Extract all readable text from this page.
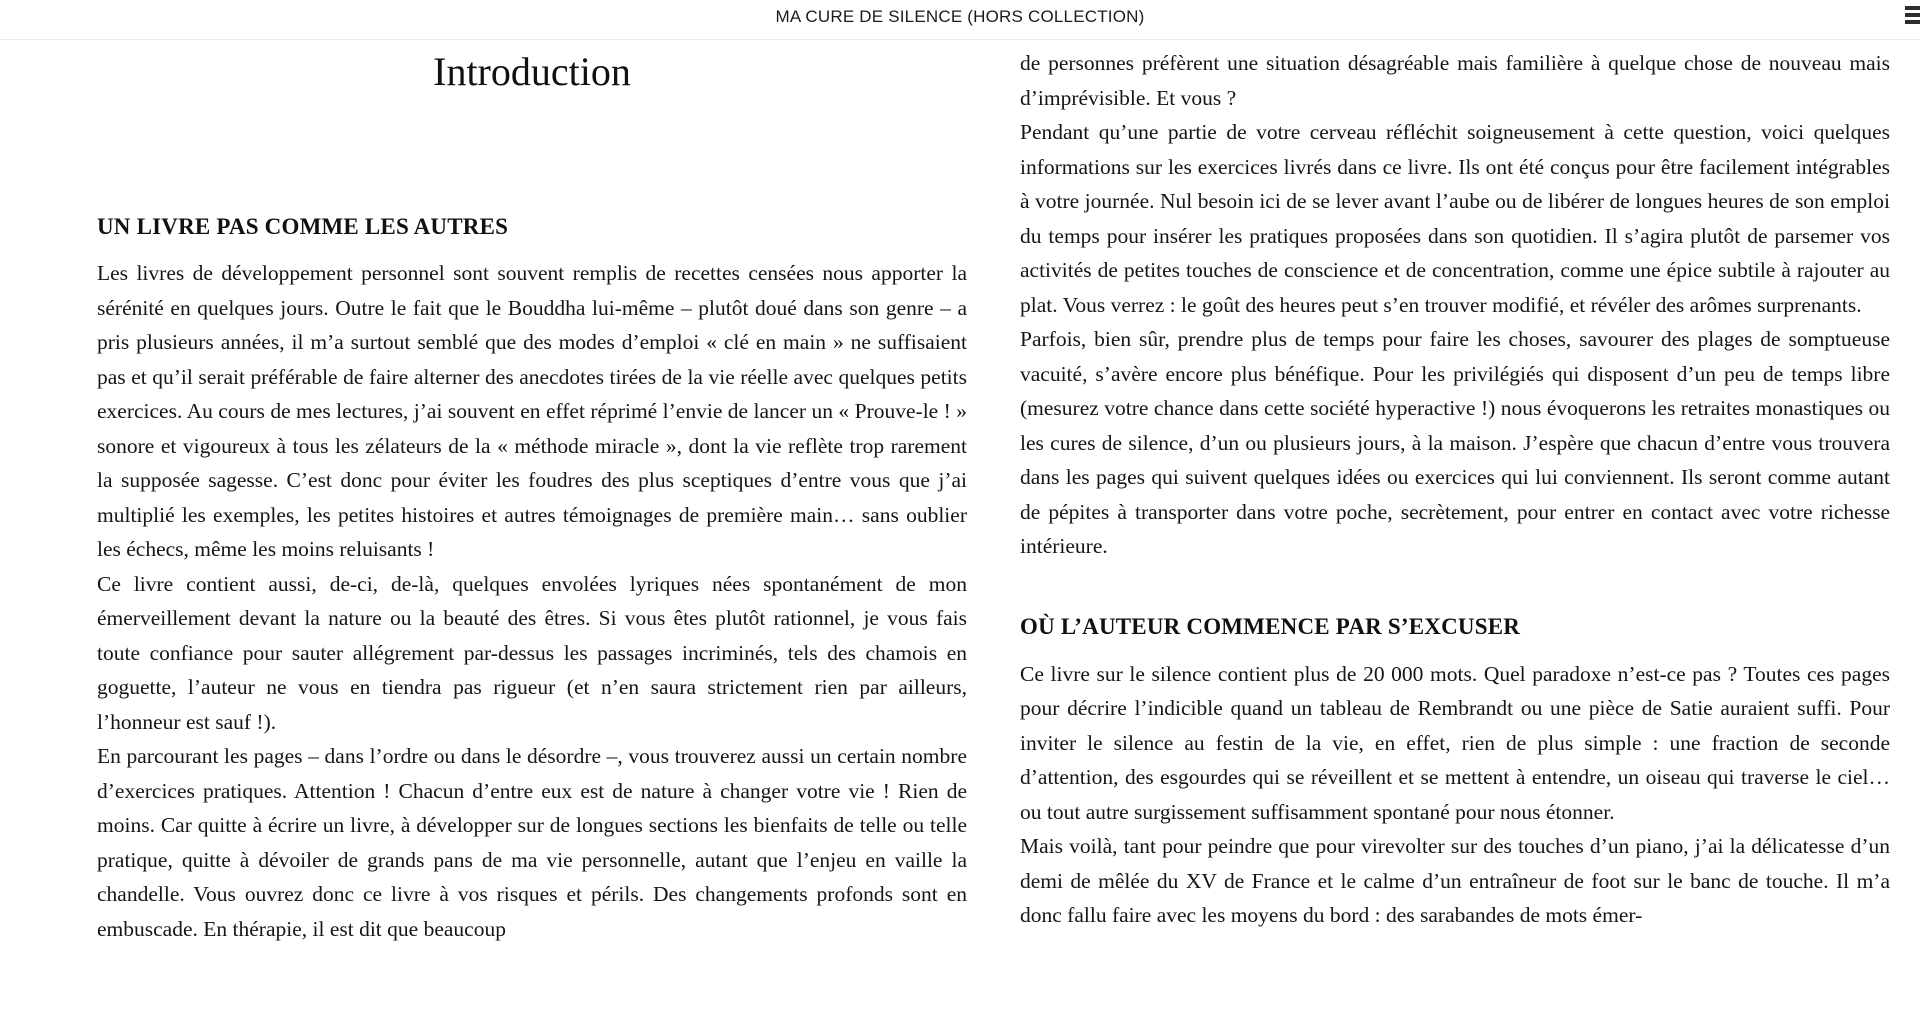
MA CURE DE SILENCE (HORS COLLECTION)
Introduction
UN LIVRE PAS COMME LES AUTRES

Les livres de développement personnel sont souvent remplis de recettes censées nous apporter la sérénité en quelques jours. Outre le fait que le Bouddha lui-même – plutôt doué dans son genre – a pris plusieurs années, il m’a surtout semblé que des modes d’emploi « clé en main » ne suffisaient pas et qu’il serait préférable de faire alterner des anecdotes tirées de la vie réelle avec quelques petits exercices. Au cours de mes lectures, j’ai souvent en effet réprimé l’envie de lancer un « Prouve-le ! » sonore et vigoureux à tous les zélateurs de la « méthode miracle », dont la vie reflète trop rarement la supposée sagesse. C’est donc pour éviter les foudres des plus sceptiques d’entre vous que j’ai multiplié les exemples, les petites histoires et autres témoignages de première main… sans oublier les échecs, même les moins reluisants !

Ce livre contient aussi, de-ci, de-là, quelques envolées lyriques nées spontanément de mon émerveillement devant la nature ou la beauté des êtres. Si vous êtes plutôt rationnel, je vous fais toute confiance pour sauter allégrement par-dessus les passages incriminés, tels des chamois en goguette, l’auteur ne vous en tiendra pas rigueur (et n’en saura strictement rien par ailleurs, l’honneur est sauf !).

En parcourant les pages – dans l’ordre ou dans le désordre –, vous trouverez aussi un certain nombre d’exercices pratiques. Attention ! Chacun d’entre eux est de nature à changer votre vie ! Rien de moins. Car quitte à écrire un livre, à développer sur de longues sections les bienfaits de telle ou telle pratique, quitte à dévoiler de grands pans de ma vie personnelle, autant que l’enjeu en vaille la chandelle. Vous ouvrez donc ce livre à vos risques et périls. Des changements profonds sont en embuscade. En thérapie, il est dit que beaucoup

de personnes préfèrent une situation désagréable mais familière à quelque chose de nouveau mais d’imprévisible. Et vous ?

Pendant qu’une partie de votre cerveau réfléchit soigneusement à cette question, voici quelques informations sur les exercices livrés dans ce livre. Ils ont été conçus pour être facilement intégrables à votre journée. Nul besoin ici de se lever avant l’aube ou de libérer de longues heures de son emploi du temps pour insérer les pratiques proposées dans son quotidien. Il s’agira plutôt de parsemer vos activités de petites touches de conscience et de concentration, comme une épice subtile à rajouter au plat. Vous verrez : le goût des heures peut s’en trouver modifié, et révéler des arômes surprenants.

Parfois, bien sûr, prendre plus de temps pour faire les choses, savourer des plages de somptueuse vacuité, s’avère encore plus bénéfique. Pour les privilégiés qui disposent d’un peu de temps libre (mesurez votre chance dans cette société hyperactive !) nous évoquerons les retraites monastiques ou les cures de silence, d’un ou plusieurs jours, à la maison. J’espère que chacun d’entre vous trouvera dans les pages qui suivent quelques idées ou exercices qui lui conviennent. Ils seront comme autant de pépites à transporter dans votre poche, secrètement, pour entrer en contact avec votre richesse intérieure.

OÙ L’AUTEUR COMMENCE PAR S’EXCUSER

Ce livre sur le silence contient plus de 20 000 mots. Quel paradoxe n’est-ce pas ? Toutes ces pages pour décrire l’indicible quand un tableau de Rembrandt ou une pièce de Satie auraient suffi. Pour inviter le silence au festin de la vie, en effet, rien de plus simple : une fraction de seconde d’attention, des esgourdes qui se réveillent et se mettent à entendre, un oiseau qui traverse le ciel… ou tout autre surgissement suffisamment spontané pour nous étonner.

Mais voilà, tant pour peindre que pour virevolter sur des touches d’un piano, j’ai la délicatesse d’un demi de mêlée du XV de France et le calme d’un entraîneur de foot sur le banc de touche. Il m’a donc fallu faire avec les moyens du bord : des sarabandes de mots émer-
